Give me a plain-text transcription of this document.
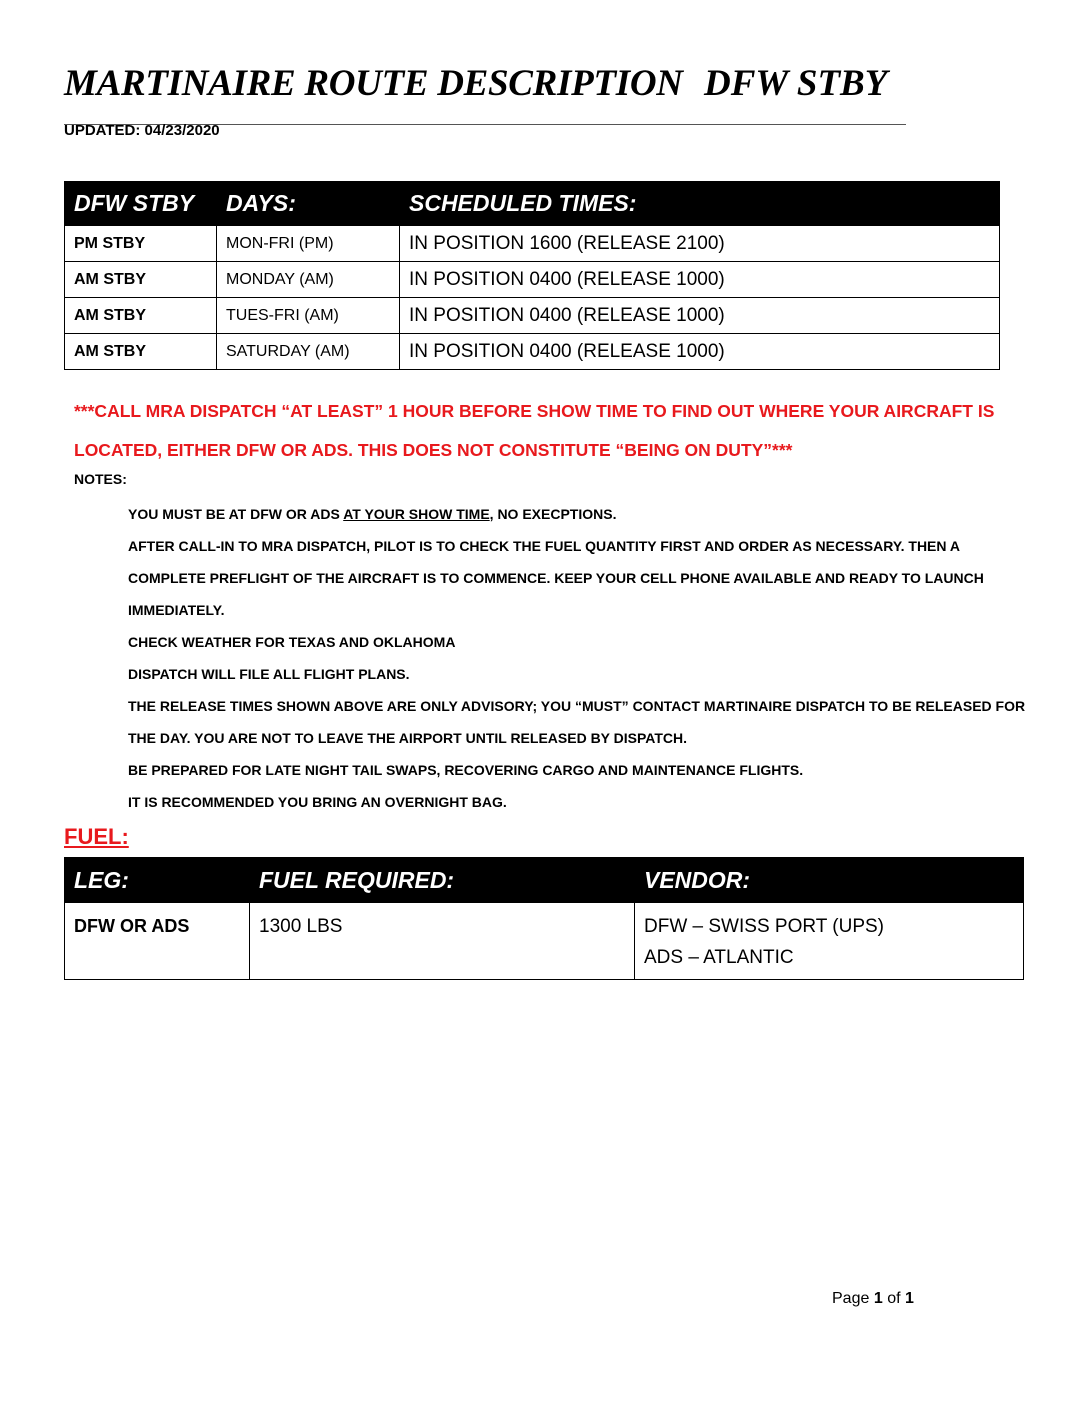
MARTINAIRE ROUTE DESCRIPTION DFW STBY
UPDATED: 04/23/2020
DFW STBY	DAYS:	SCHEDULED TIMES:
PM STBY	MON-FRI (PM)	IN POSITION 1600 (RELEASE 2100)
AM STBY	MONDAY (AM)	IN POSITION 0400 (RELEASE 1000)
AM STBY	TUES-FRI (AM)	IN POSITION 0400 (RELEASE 1000)
AM STBY	SATURDAY (AM)	IN POSITION 0400 (RELEASE 1000)

***CALL MRA DISPATCH “AT LEAST” 1 HOUR BEFORE SHOW TIME TO FIND OUT WHERE YOUR AIRCRAFT IS LOCATED, EITHER DFW OR ADS. THIS DOES NOT CONSTITUTE “BEING ON DUTY”***

NOTES:
YOU MUST BE AT DFW OR ADS AT YOUR SHOW TIME, NO EXECPTIONS.
AFTER CALL-IN TO MRA DISPATCH, PILOT IS TO CHECK THE FUEL QUANTITY FIRST AND ORDER AS NECESSARY. THEN A COMPLETE PREFLIGHT OF THE AIRCRAFT IS TO COMMENCE. KEEP YOUR CELL PHONE AVAILABLE AND READY TO LAUNCH IMMEDIATELY.
CHECK WEATHER FOR TEXAS AND OKLAHOMA
DISPATCH WILL FILE ALL FLIGHT PLANS.
THE RELEASE TIMES SHOWN ABOVE ARE ONLY ADVISORY; YOU “MUST” CONTACT MARTINAIRE DISPATCH TO BE RELEASED FOR THE DAY. YOU ARE NOT TO LEAVE THE AIRPORT UNTIL RELEASED BY DISPATCH.
BE PREPARED FOR LATE NIGHT TAIL SWAPS, RECOVERING CARGO AND MAINTENANCE FLIGHTS.
IT IS RECOMMENDED YOU BRING AN OVERNIGHT BAG.
FUEL:
LEG:	FUEL REQUIRED:	VENDOR:
DFW OR ADS	1300 LBS	DFW – SWISS PORT (UPS)
ADS – ATLANTIC
Page 1 of 1
